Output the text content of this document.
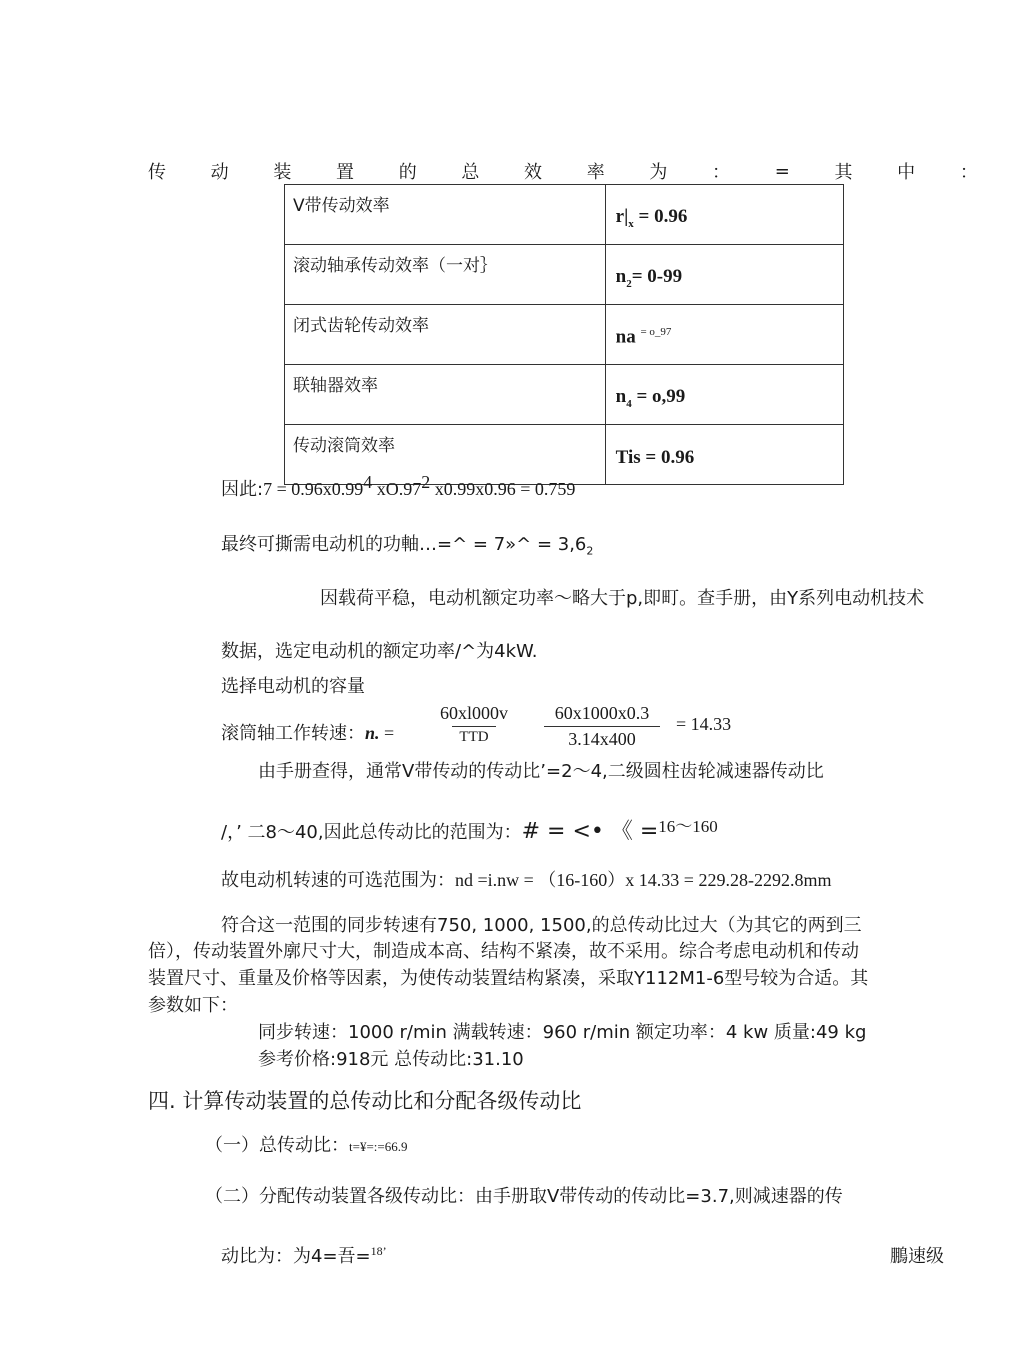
传 动 装 置 的 总 效 率 为 ： = 其 中 ：
V带传动效率	$r|_x = 0.96$
滚动轴承传动效率（一对｝	$n_2= 0-99$
闭式齿轮传动效率	na $^{= o\_97}$
联轴器效率	$n_4 = o,99$
传动滚筒效率	Tis = 0.96
因此:7 = $0.96x0.99^4$ $xO.97^2$ x0.99x0.96 = 0.759
最终可撕需电动机的功軸…=^ = 7»^ = $3,6_2$
因载荷平稳，电动机额定功率～略大于p,即町。查手册，由Y系列电动机技术
数据，选定电动机的额定功率/^为4kW.
选择电动机的容量
滚筒轴工作转速：n. =
60xl000v
TTD
60x1000x0.3
3.14x400
= 14.33
由手册查得，通常V带传动的传动比’=2～4,二级圆柱齿轮减速器传动比
/，’ 二8～40,因此总传动比的范围为：# = <• 《 =$^{16\sim 160}$
故电动机转速的可选范围为：nd =i.nw = （16-160）x 14.33 = 229.28-2292.8mm
符合这一范围的同步转速有750, 1000, 1500,的总传动比过大（为其它的两到三
倍），传动装置外廓尺寸大，制造成本高、结构不紧凑，故不采用。综合考虑电动机和传动
装置尺寸、重量及价格等因素，为使传动装置结构紧凑，采取Y112M1-6型号较为合适。其
参数如下：
同步转速：1000 r/min 满载转速：960 r/min 额定功率：4 kw 质量:49 kg
参考价格:918元 总传动比:31.10
四. 计算传动装置的总传动比和分配各级传动比
（一）总传动比：t=¥=:=66.9
（二）分配传动装置各级传动比：由手册取V带传动的传动比=3.7,则减速器的传
动比为：为4=吾=$^{18’}$	鵬速级
